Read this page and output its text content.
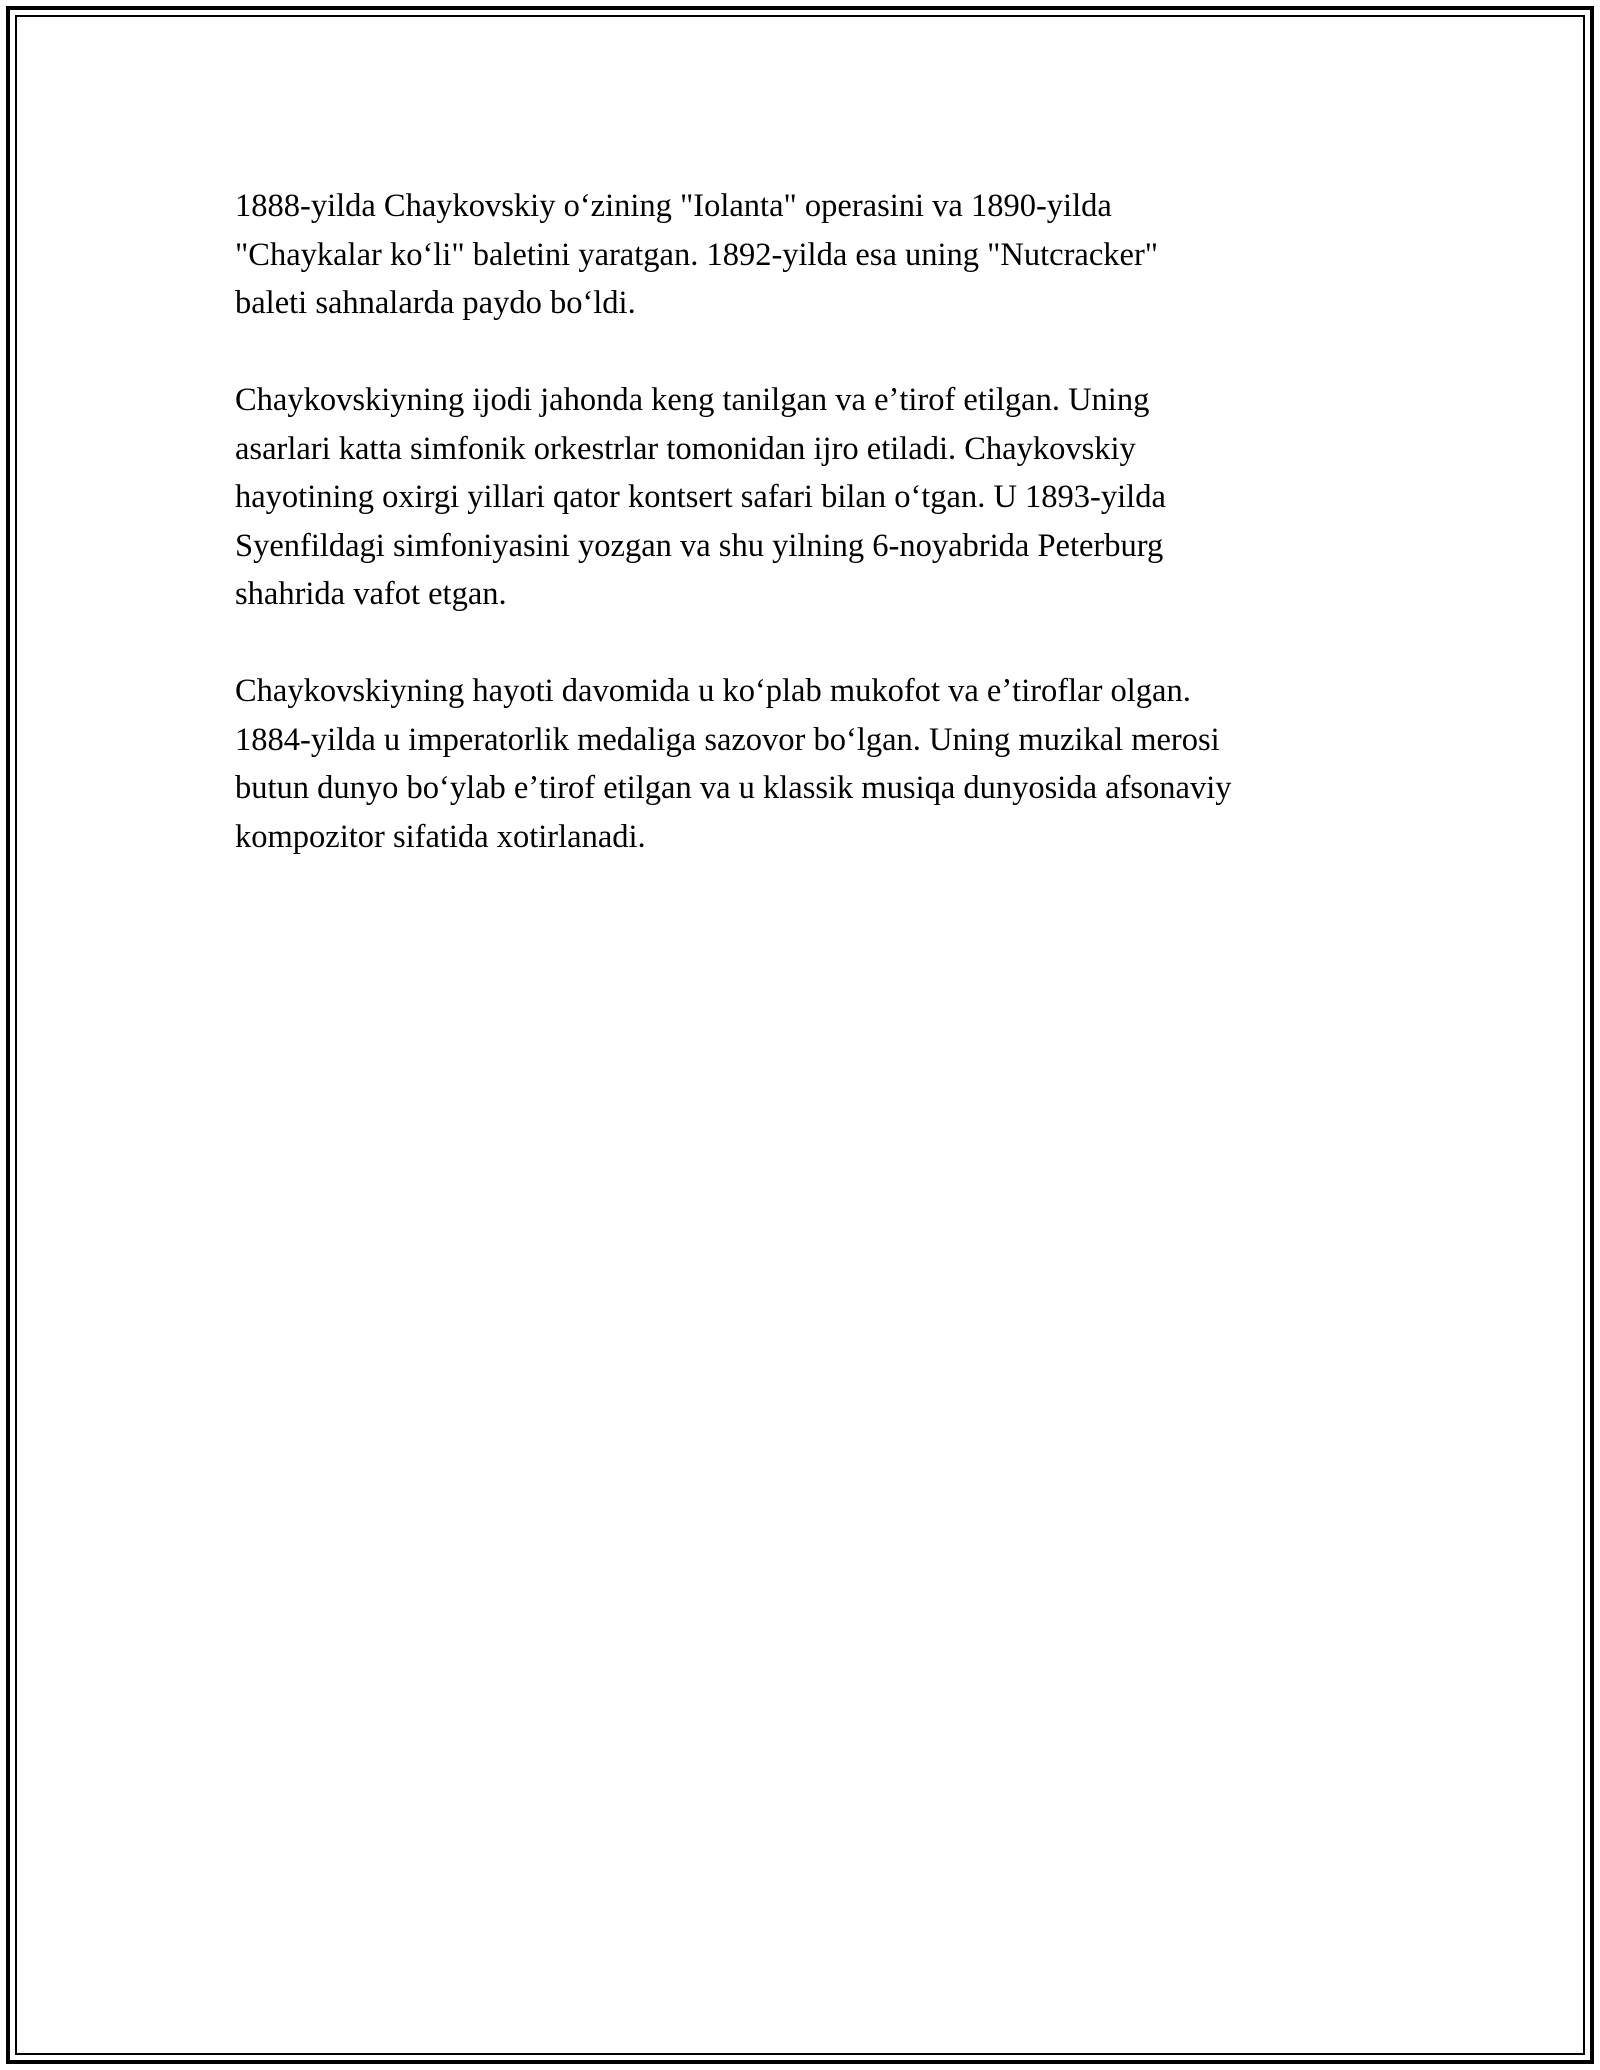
1888-yilda Chaykovskiy oʻzining "Iolanta" operasini va 1890-yilda
"Chaykalar koʻli" baletini yaratgan. 1892-yilda esa uning "Nutcracker"
baleti sahnalarda paydo boʻldi.

Chaykovskiyning ijodi jahonda keng tanilgan va eʼtirof etilgan. Uning
asarlari katta simfonik orkestrlar tomonidan ijro etiladi. Chaykovskiy
hayotining oxirgi yillari qator kontsert safari bilan oʻtgan. U 1893-yilda
Syenfildagi simfoniyasini yozgan va shu yilning 6-noyabrida Peterburg
shahrida vafot etgan.

Chaykovskiyning hayoti davomida u koʻplab mukofot va eʼtiroflar olgan.
1884-yilda u imperatorlik medaliga sazovor boʻlgan. Uning muzikal merosi
butun dunyo boʻylab eʼtirof etilgan va u klassik musiqa dunyosida afsonaviy
kompozitor sifatida xotirlanadi.
